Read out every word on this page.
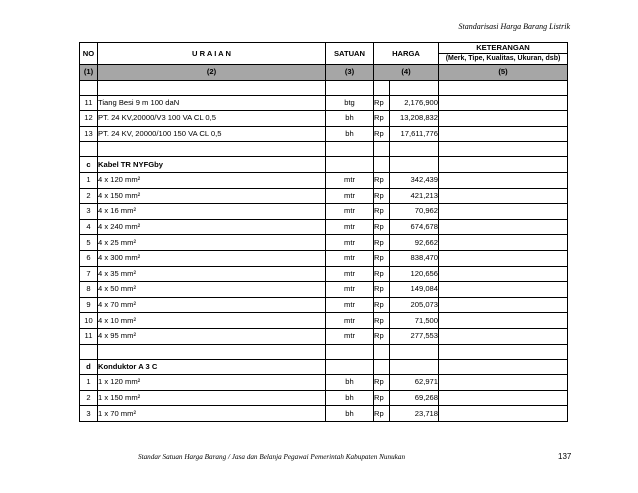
Standarisasi Harga Barang Listrik
NO	U R A I A N	SATUAN	HARGA		KETERANGAN
					(Merk, Tipe, Kualitas, Ukuran, dsb)
(1)	(2)	(3)	(4)		(5)

11	Tiang Besi 9 m 100 daN	btg	Rp	2,176,900	
12	PT. 24 KV,20000/V3 100 VA CL 0,5	bh	Rp	13,208,832	
13	PT. 24 KV, 20000/100 150 VA CL 0,5	bh	Rp	17,611,776	

c	Kabel TR NYFGby				
1	4 x 120 mm²	mtr	Rp	342,439	
2	4 x 150 mm²	mtr	Rp	421,213	
3	4 x 16 mm²	mtr	Rp	70,962	
4	4 x 240 mm²	mtr	Rp	674,678	
5	4 x 25 mm²	mtr	Rp	92,662	
6	4 x 300 mm²	mtr	Rp	838,470	
7	4 x 35 mm²	mtr	Rp	120,656	
8	4 x 50 mm²	mtr	Rp	149,084	
9	4 x 70 mm²	mtr	Rp	205,073	
10	4 x 10 mm²	mtr	Rp	71,500	
11	4 x 95 mm²	mtr	Rp	277,553	

d	Konduktor A 3 C				
1	1 x 120 mm²	bh	Rp	62,971	
2	1 x 150 mm²	bh	Rp	69,268	
3	1 x 70 mm²	bh	Rp	23,718	
Standar Satuan Harga Barang / Jasa dan Belanja Pegawai Pemerintah Kabupaten Nunukan	137
